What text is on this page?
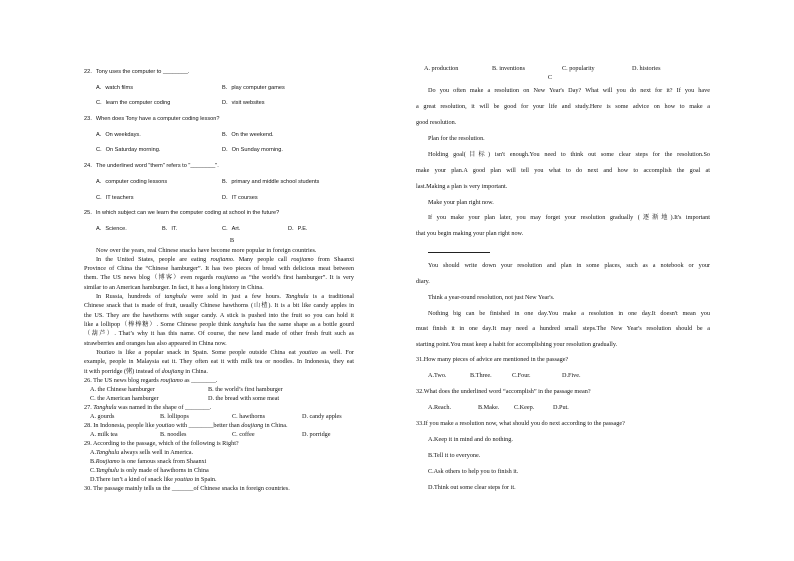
22．Tony uses the computer to ________.
A．watch films	B．play computer games
C．learn the computer coding	D．visit websites
23．When does Tony have a computer coding lesson?
A．On weekdays.	B．On the weekend.
C．On Saturday morning.	D．On Sunday morning.
24．The underlined word "them" refers to "________".
A．computer coding lessons	B．primary and middle school students
C．IT teachers	D．IT courses
25．In which subject can we learn the computer coding at school in the future?
A．Science.	B．IT.	C．Art.	D．P.E.
B
Now over the years, real Chinese snacks have become more popular in foreign countries.
In the United States, people are eating roujiamo. Many people call roujiamo from Shaanxi
Province of China the “Chinese hamburger”. It has two pieces of bread with delicious meat between
them. The US news blog（博客）even regards roujiamo as “the world’s first hamburger”. It is very
similar to an American hamburger. In fact, it has a long history in China.
In Russia, hundreds of tanghulu were sold in just a few hours. Tanghulu is a traditional
Chinese snack that is made of fruit, usually Chinese hawthorns (山楂). It is a bit like candy apples in
the US. They are the hawthorns with sugar candy. A stick is pushed into the fruit so you can hold it
like a lollipop（棒棒糖）. Some Chinese people think tanghulu has the same shape as a bottle gourd
（葫芦）. That’s why it has this name. Of course, the new land made of other fresh fruit such as
strawberries and oranges has also appeared in China now.
Youtiao is like a popular snack in Spain. Some people outside China eat youtiao as well. For
example, people in Malaysia eat it. They often eat it with milk tea or noodles. In Indonesia, they eat
it with porridge (粥) instead of doujiang in China.
26. The US news blog regards roujiamo as ________.
A. the Chinese hamburger	B. the world’s first hamburger
C. the American hamburger	D. the bread with some meat
27. Tanghulu was named in the shape of ________.
A. gourds	B. lollipops	C. hawthorns	D. candy apples
28. In Indonesia, people like youtiao with ________better than doujiang in China.
A. milk tea	B. noodles	C. coffee	D. porridge
29. According to the passage, which of the following is Right?
A.Tanghulu always sells well in America.
B.Roujiamo is one famous snack from Shaanxi
C.Tanghulu is only made of hawthorns in China
D.There isn’t a kind of snack like youtiao in Spain.
30. The passage mainly tells us the _______of Chinese snacks in foreign countries.
A. production	B. inventions	C. popularity	D. histories
C
Do you often make a resolution on New Year's Day? What will you do next for it? If you have
a great resolution, it will be good for your life and study.Here is some advice on how to make a
good resolution.
Plan for the resolution.
Holding goal(目标) isn't enough.You need to think out some clear steps for the resolution.So
make your plan.A good plan will tell you what to do next and how to accomplish the goal at
last.Making a plan is very important.
Make your plan right now.
If you make your plan later, you may forget your resolution gradually (逐渐地).It's important
that you begin making your plan right now.
You should write down your resolution and plan in some places, such as a notebook or your
diary.
Think a year-round resolution, not just New Year's.
Nothing big can be finished in one day.You make a resolution in one day.It doesn't mean you
must finish it in one day.It may need a hundred small steps.The New Year's resolution should be a
starting point.You must keep a habit for accomplishing your resolution gradually.
31.How many pieces of advice are mentioned in the passage?
A.Two.	B.Three.	C.Four.	D.Five.
32.What does the underlined word “accomplish” in the passage mean?
A.Reach.	B.Make. C.Keep.	D.Put.
33.If you make a resolution now, what should you do next according to the passage?
A.Keep it in mind and do nothing.
B.Tell it to everyone.
C.Ask others to help you to finish it.
D.Think out some clear steps for it.
